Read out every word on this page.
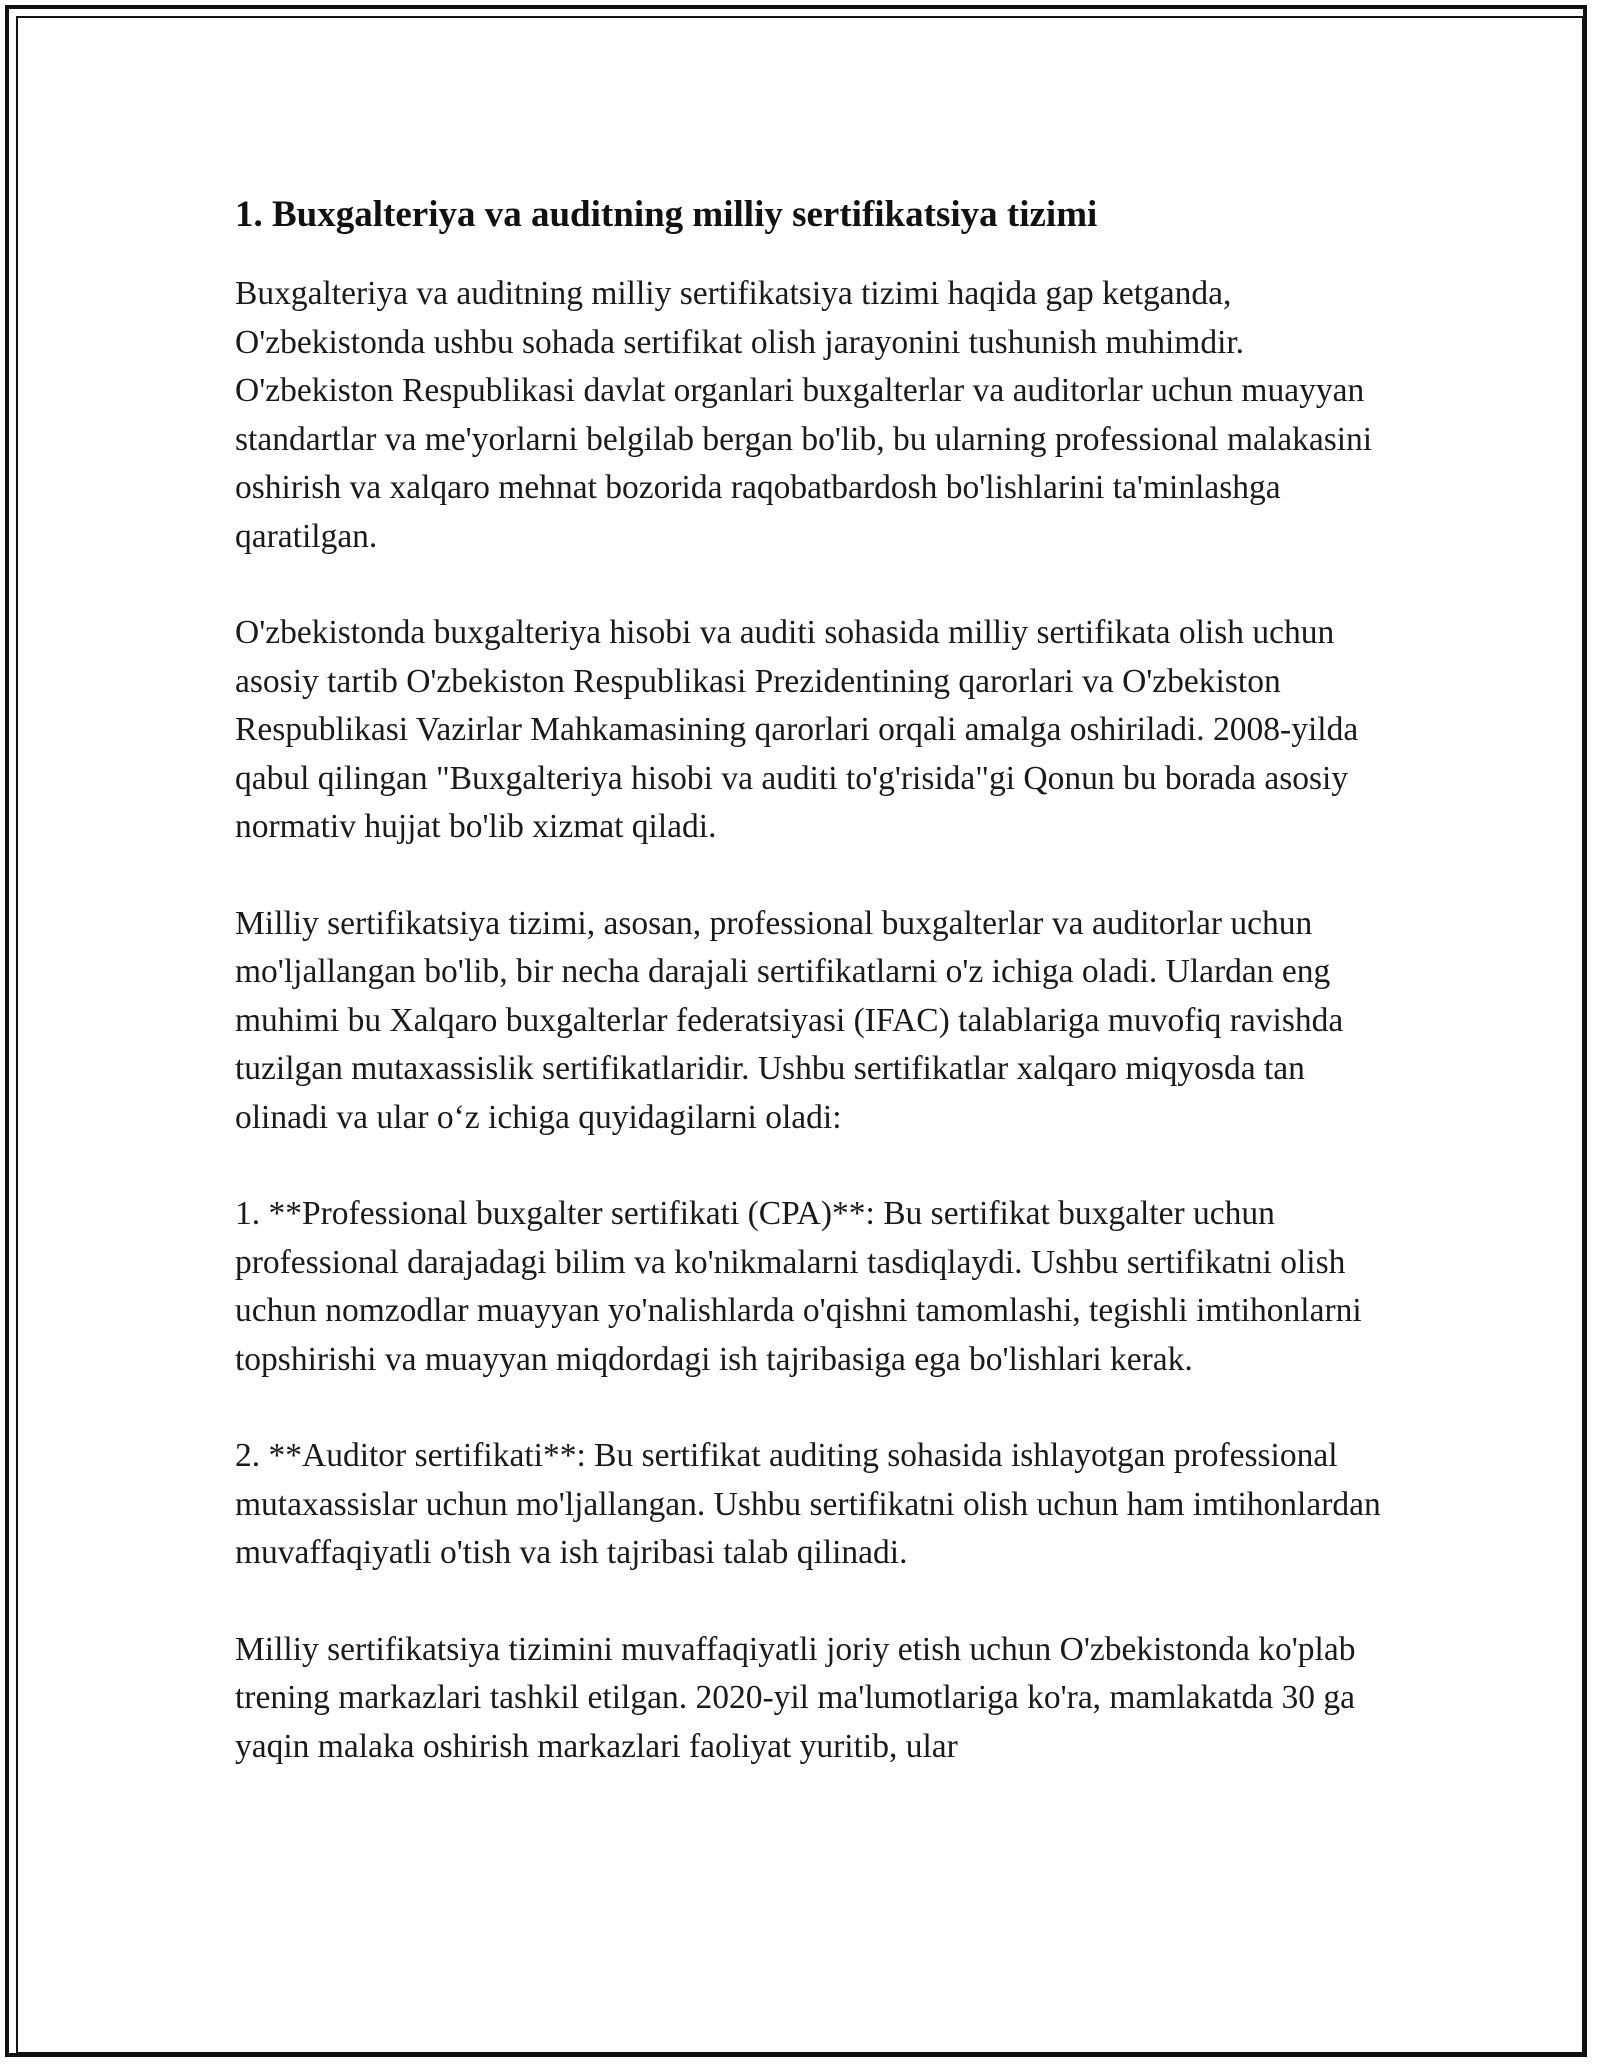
1. Buxgalteriya va auditning milliy sertifikatsiya tizimi

Buxgalteriya va auditning milliy sertifikatsiya tizimi haqida gap ketganda, O'zbekistonda ushbu sohada sertifikat olish jarayonini tushunish muhimdir. O'zbekiston Respublikasi davlat organlari buxgalterlar va auditorlar uchun muayyan standartlar va me'yorlarni belgilab bergan bo'lib, bu ularning professional malakasini oshirish va xalqaro mehnat bozorida raqobatbardosh bo'lishlarini ta'minlashga qaratilgan.

O'zbekistonda buxgalteriya hisobi va auditi sohasida milliy sertifikata olish uchun asosiy tartib O'zbekiston Respublikasi Prezidentining qarorlari va O'zbekiston Respublikasi Vazirlar Mahkamasining qarorlari orqali amalga oshiriladi. 2008-yilda qabul qilingan "Buxgalteriya hisobi va auditi to'g'risida"gi Qonun bu borada asosiy normativ hujjat bo'lib xizmat qiladi.

Milliy sertifikatsiya tizimi, asosan, professional buxgalterlar va auditorlar uchun mo'ljallangan bo'lib, bir necha darajali sertifikatlarni o'z ichiga oladi. Ulardan eng muhimi bu Xalqaro buxgalterlar federatsiyasi (IFAC) talablariga muvofiq ravishda tuzilgan mutaxassislik sertifikatlaridir. Ushbu sertifikatlar xalqaro miqyosda tan olinadi va ular o‘z ichiga quyidagilarni oladi:

1. **Professional buxgalter sertifikati (CPA)**: Bu sertifikat buxgalter uchun professional darajadagi bilim va ko'nikmalarni tasdiqlaydi. Ushbu sertifikatni olish uchun nomzodlar muayyan yo'nalishlarda o'qishni tamomlashi, tegishli imtihonlarni topshirishi va muayyan miqdordagi ish tajribasiga ega bo'lishlari kerak.

2. **Auditor sertifikati**: Bu sertifikat auditing sohasida ishlayotgan professional mutaxassislar uchun mo'ljallangan. Ushbu sertifikatni olish uchun ham imtihonlardan muvaffaqiyatli o'tish va ish tajribasi talab qilinadi.

Milliy sertifikatsiya tizimini muvaffaqiyatli joriy etish uchun O'zbekistonda ko'plab trening markazlari tashkil etilgan. 2020-yil ma'lumotlariga ko'ra, mamlakatda 30 ga yaqin malaka oshirish markazlari faoliyat yuritib, ular
